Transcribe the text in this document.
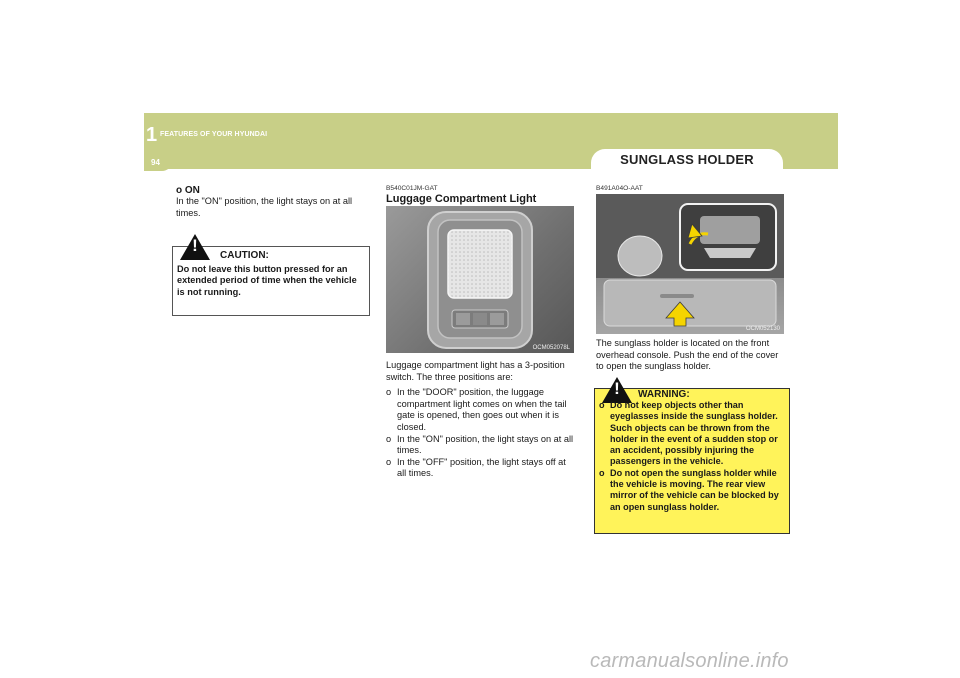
1 FEATURES OF YOUR HYUNDAI
94	SUNGLASS HOLDER
o ON
In the "ON" position, the light stays on at all times.
!
CAUTION:
Do not leave this button pressed for an extended period of time when the vehicle is not running.
B540C01JM-GAT
Luggage Compartment Light
OCM052078L
Luggage compartment light has a 3-position switch. The three positions are:
o In the "DOOR" position, the luggage compartment light comes on when the tail gate is opened, then goes out when it is closed.
o In the "ON" position, the light stays on at all times.
o In the "OFF" position, the light stays off at all times.
B491A04O-AAT
OCM052130
The sunglass holder is located on the front overhead console. Push the end of the cover to open the sunglass holder.
!	WARNING:
o Do not keep objects other than eyeglasses inside the sunglass holder. Such objects can be thrown from the holder in the event of a sudden stop or an accident, possibly injuring the passengers in the vehicle.
o Do not open the sunglass holder while the vehicle is moving. The rear view mirror of the vehicle can be blocked by an open sunglass holder.
carmanualsonline.info
